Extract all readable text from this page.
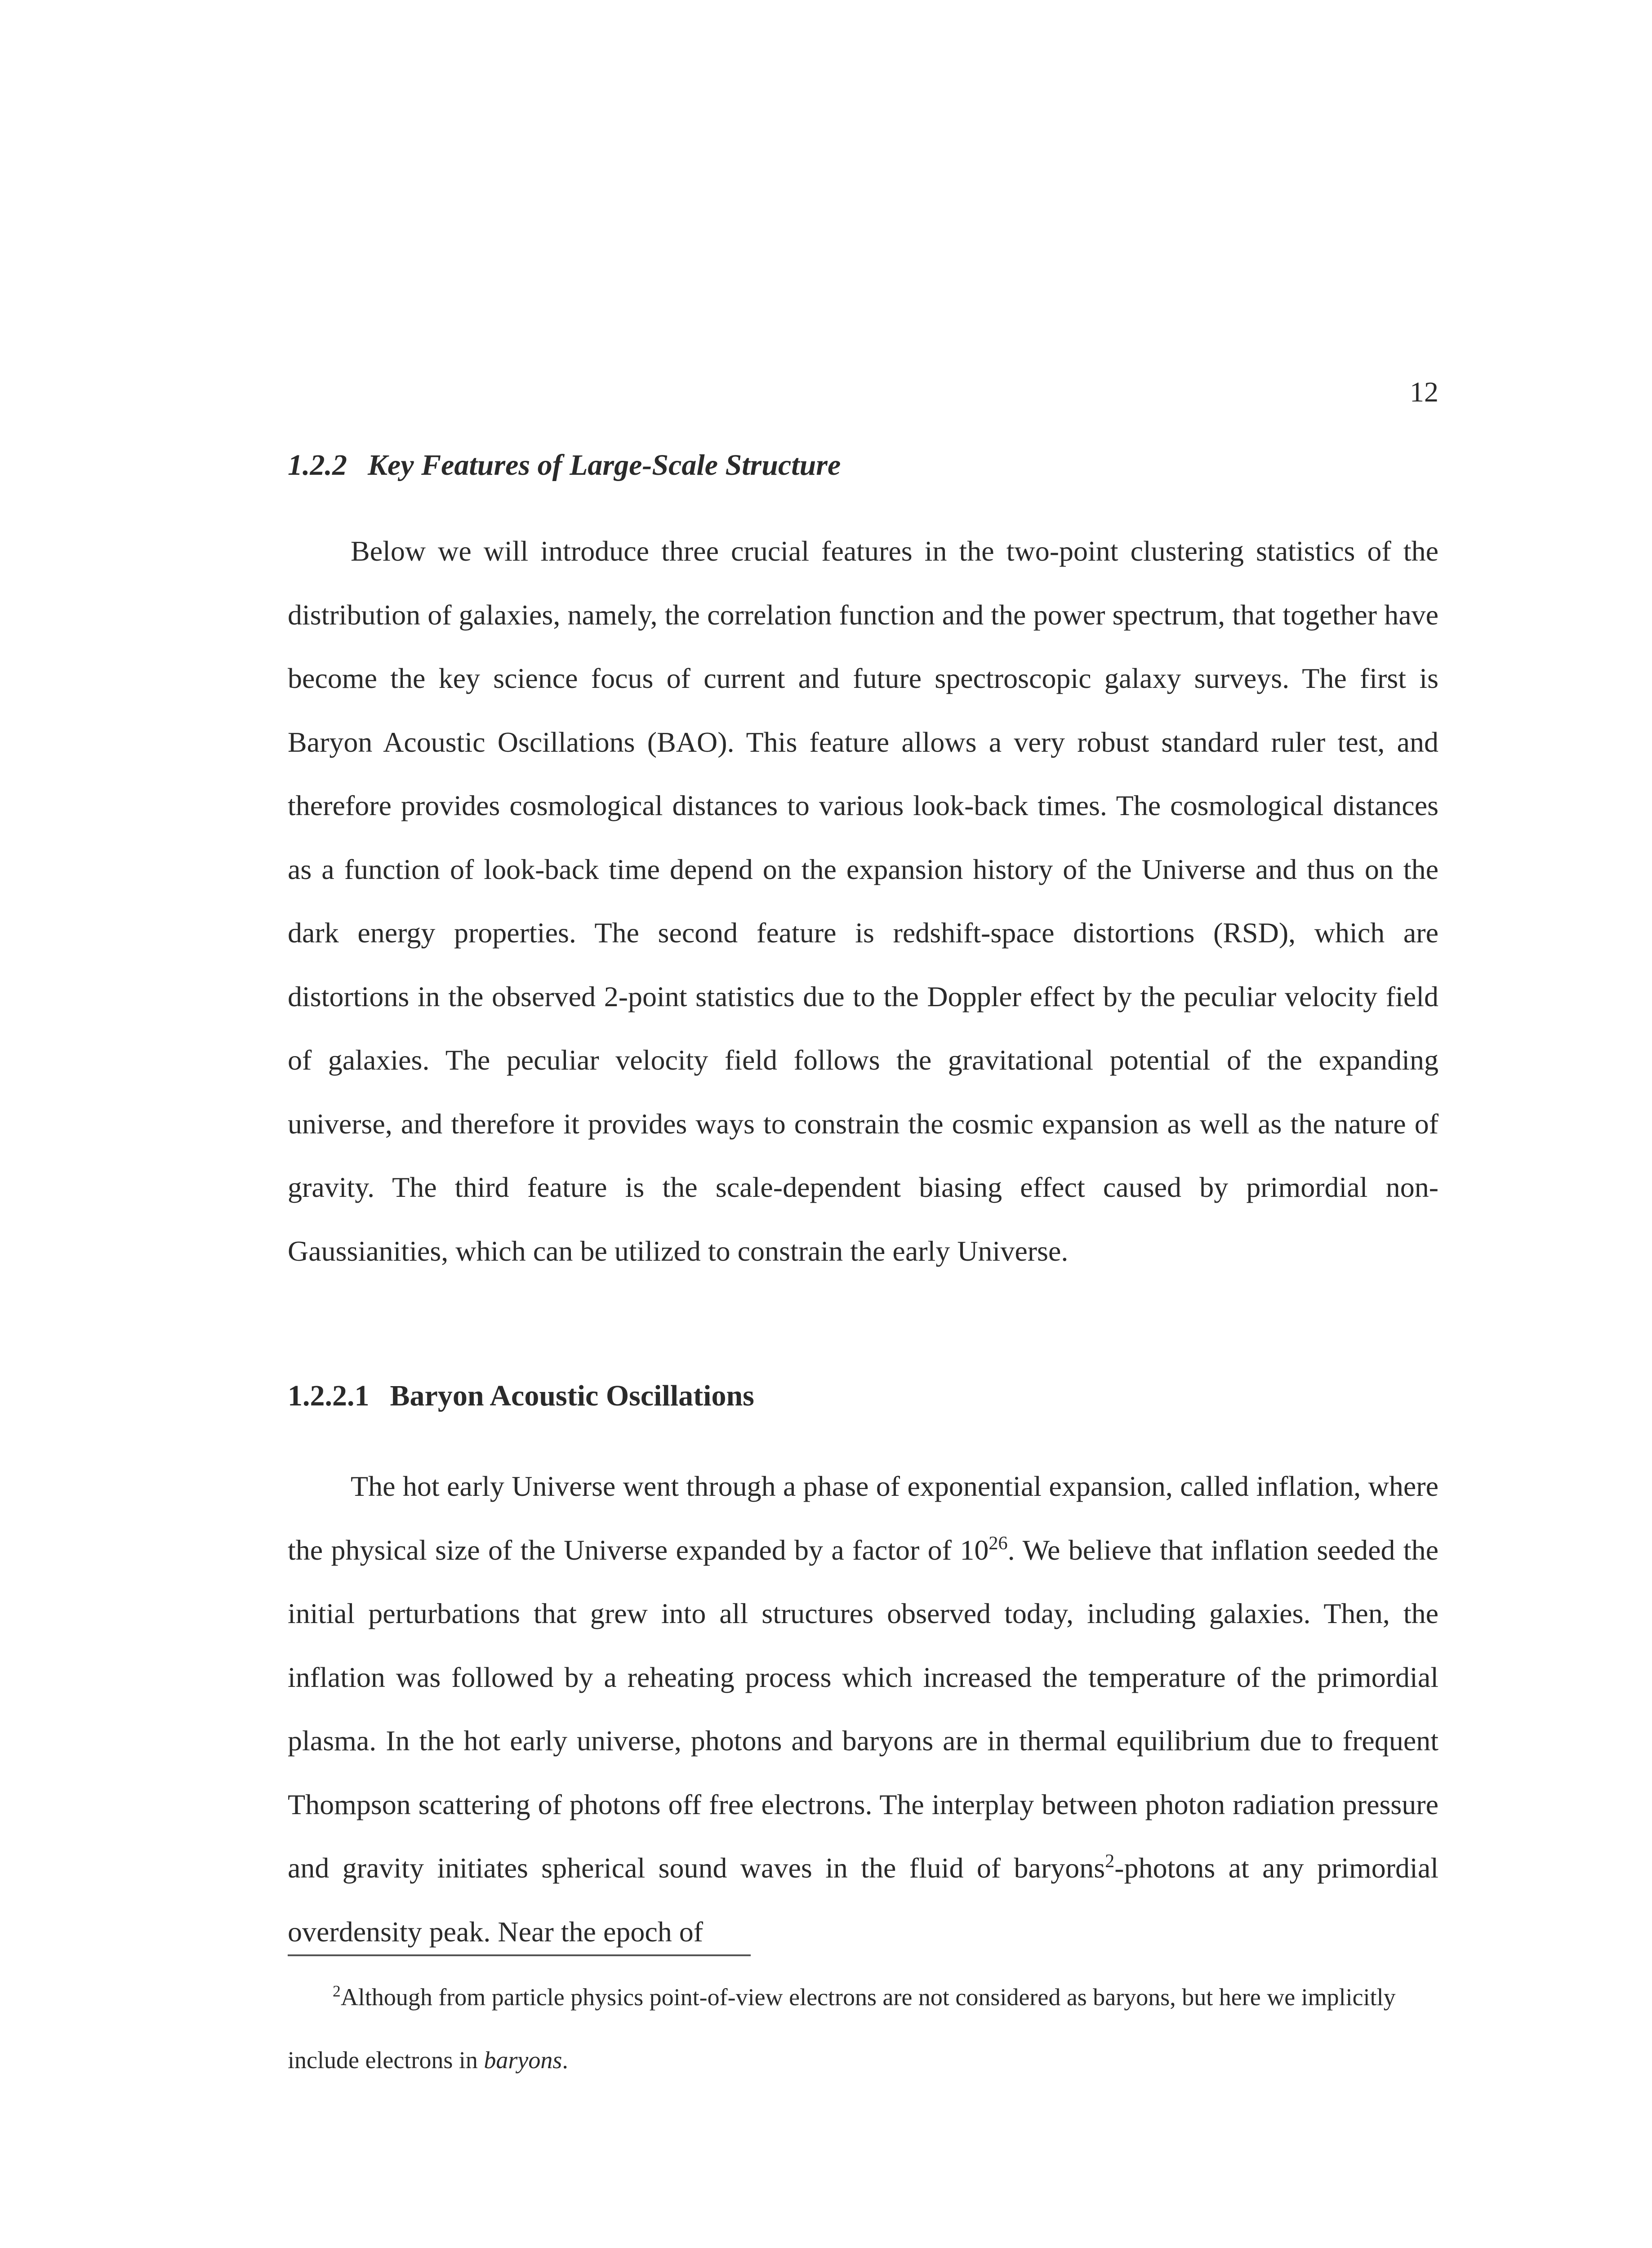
12
1.2.2 Key Features of Large-Scale Structure

Below we will introduce three crucial features in the two-point clustering statistics of the distribution of galaxies, namely, the correlation function and the power spectrum, that together have become the key science focus of current and future spectroscopic galaxy surveys. The first is Baryon Acoustic Oscillations (BAO). This feature allows a very robust standard ruler test, and therefore provides cosmological distances to various look-back times. The cosmological distances as a function of look-back time depend on the expansion history of the Universe and thus on the dark energy properties. The second feature is redshift-space distortions (RSD), which are distortions in the observed 2-point statistics due to the Doppler effect by the peculiar velocity field of galaxies. The peculiar velocity field follows the gravitational potential of the expanding universe, and therefore it provides ways to constrain the cosmic expansion as well as the nature of gravity. The third feature is the scale-dependent biasing effect caused by primordial non-Gaussianities, which can be utilized to constrain the early Universe.

1.2.2.1 Baryon Acoustic Oscillations

The hot early Universe went through a phase of exponential expansion, called inflation, where the physical size of the Universe expanded by a factor of $10^{26}$. We believe that inflation seeded the initial perturbations that grew into all structures observed today, including galaxies. Then, the inflation was followed by a reheating process which increased the temperature of the primordial plasma. In the hot early universe, photons and baryons are in thermal equilibrium due to frequent Thompson scattering of photons off free electrons. The interplay between photon radiation pressure and gravity initiates spherical sound waves in the fluid of baryons$^2$-photons at any primordial overdensity peak. Near the epoch of

$^2$Although from particle physics point-of-view electrons are not considered as baryons, but here we implicitly include electrons in baryons.
